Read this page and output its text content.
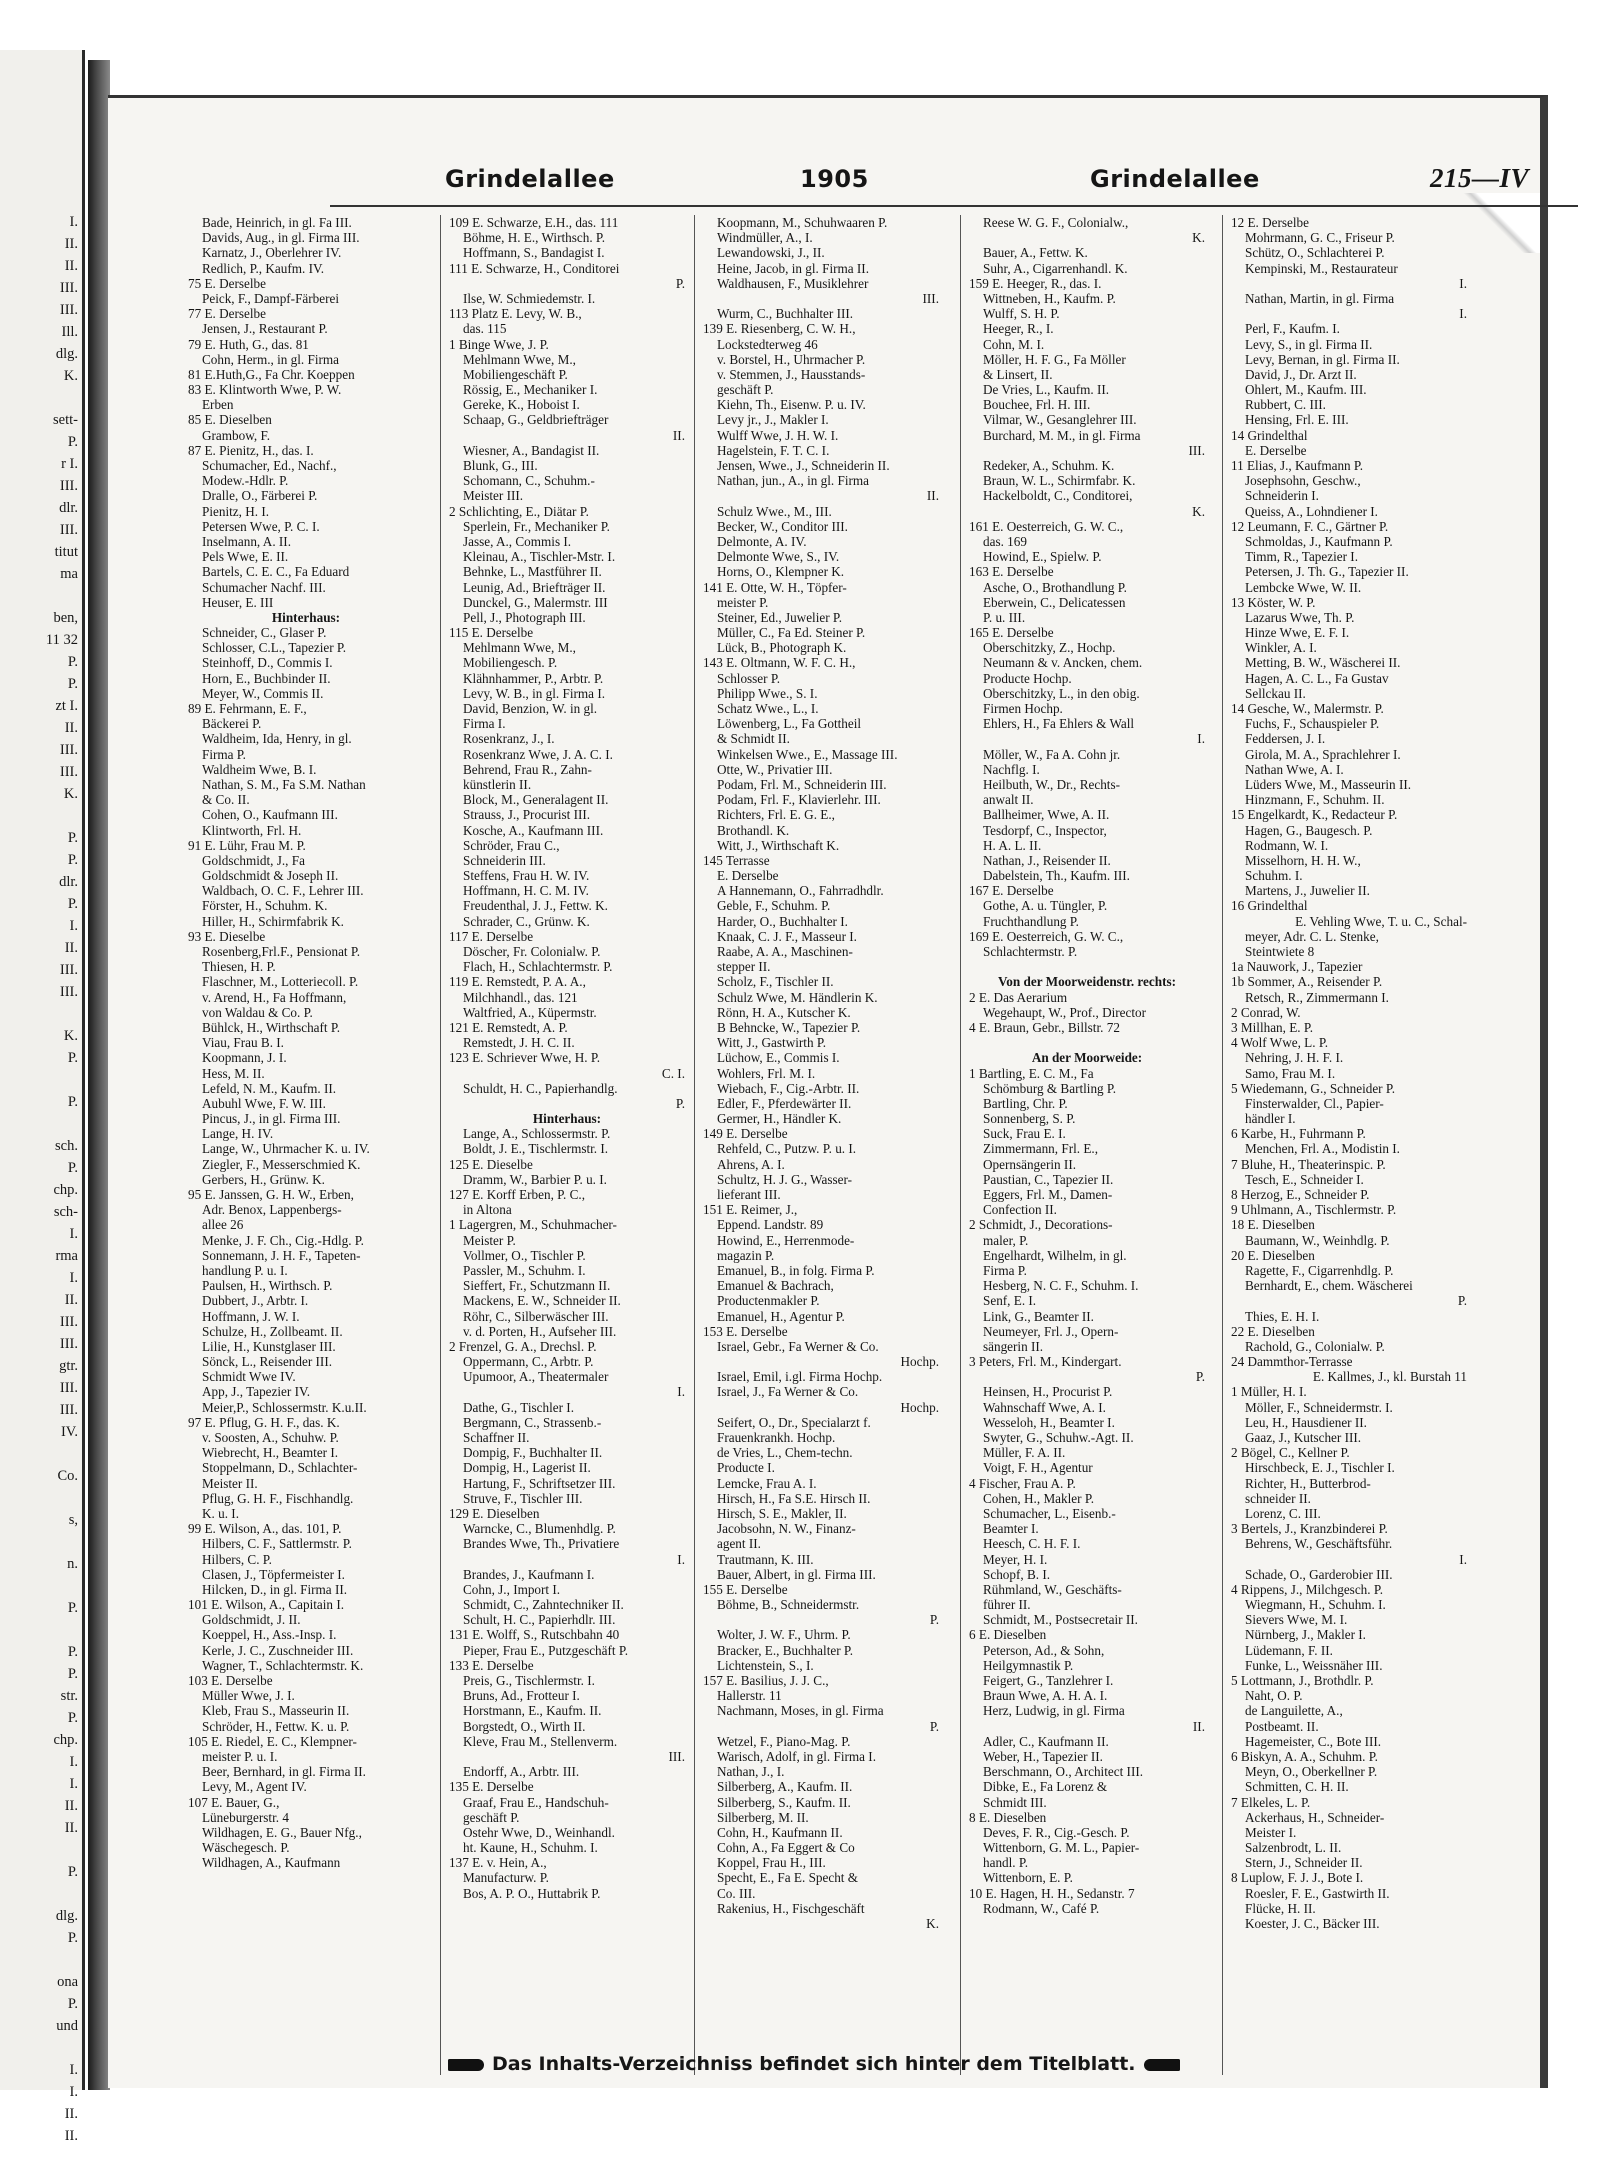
I.
II.
II.
III.
III.
Ill.
dlg.
K.
sett-
P.
r I.
III.
dlr.
III.
titut
ma
ben,
11 32
P.
P.
zt I.
II.
III.
III.
K.
P.
P.
dlr.
P.
I.
II.
III.
III.
K.
P.
P.
sch.
P.
chp.
sch-
I.
rma
I.
II.
III.
III.
gtr.
III.
III.
IV.
Co.
s,
n.
P.
P.
P.
str.
P.
chp.
I.
I.
II.
II.
P.
dlg.
P.
ona
P.
und
I.
I.
II.
II.
Grindelallee	1905	Grindelallee	215—IV
Bade, Heinrich, in gl. Fa III.
Davids, Aug., in gl. Firma III.
Karnatz, J., Oberlehrer IV.
Redlich, P., Kaufm. IV.
75 E. Derselbe
Peick, F., Dampf-Färberei
77 E. Derselbe
Jensen, J., Restaurant P.
79 E. Huth, G., das. 81
Cohn, Herm., in gl. Firma
81 E.Huth,G., Fa Chr. Koeppen
83 E. Klintworth Wwe, P. W.
Erben
85 E. Dieselben
Grambow, F.
87 E. Pienitz, H., das. I.
Schumacher, Ed., Nachf.,
Modew.-Hdlr. P.
Dralle, O., Färberei P.
Pienitz, H. I.
Petersen Wwe, P. C. I.
Inselmann, A. II.
Pels Wwe, E. II.
Bartels, C. E. C., Fa Eduard
Schumacher Nachf. III.
Heuser, E. III
Hinterhaus:
Schneider, C., Glaser P.
Schlosser, C.L., Tapezier P.
Steinhoff, D., Commis I.
Horn, E., Buchbinder II.
Meyer, W., Commis II.
89 E. Fehrmann, E. F.,
Bäckerei P.
Waldheim, Ida, Henry, in gl.
Firma P.
Waldheim Wwe, B. I.
Nathan, S. M., Fa S.M. Nathan
& Co. II.
Cohen, O., Kaufmann III.
Klintworth, Frl. H.
91 E. Lühr, Frau M. P.
Goldschmidt, J., Fa
Goldschmidt & Joseph II.
Waldbach, O. C. F., Lehrer III.
Förster, H., Schuhm. K.
Hiller, H., Schirmfabrik K.
93 E. Dieselbe
Rosenberg,Frl.F., Pensionat P.
Thiesen, H. P.
Flaschner, M., Lotteriecoll. P.
v. Arend, H., Fa Hoffmann,
von Waldau & Co. P.
Bühlck, H., Wirthschaft P.
Viau, Frau B. I.
Koopmann, J. I.
Hess, M. II.
Lefeld, N. M., Kaufm. II.
Aubuhl Wwe, F. W. III.
Pincus, J., in gl. Firma III.
Lange, H. IV.
Lange, W., Uhrmacher K. u. IV.
Ziegler, F., Messerschmied K.
Gerbers, H., Grünw. K.
95 E. Janssen, G. H. W., Erben,
Adr. Benox, Lappenbergs-
allee 26
Menke, J. F. Ch., Cig.-Hdlg. P.
Sonnemann, J. H. F., Tapeten-
handlung P. u. I.
Paulsen, H., Wirthsch. P.
Dubbert, J., Arbtr. I.
Hoffmann, J. W. I.
Schulze, H., Zollbeamt. II.
Lilie, H., Kunstglaser III.
Sönck, L., Reisender III.
Schmidt Wwe IV.
App, J., Tapezier IV.
Meier,P., Schlossermstr. K.u.II.
97 E. Pflug, G. H. F., das. K.
v. Soosten, A., Schuhw. P.
Wiebrecht, H., Beamter I.
Stoppelmann, D., Schlachter-
Meister II.
Pflug, G. H. F., Fischhandlg.
K. u. I.
99 E. Wilson, A., das. 101, P.
Hilbers, C. F., Sattlermstr. P.
Hilbers, C. P.
Clasen, J., Töpfermeister I.
Hilcken, D., in gl. Firma II.
101 E. Wilson, A., Capitain I.
Goldschmidt, J. II.
Koeppel, H., Ass.-Insp. I.
Kerle, J. C., Zuschneider III.
Wagner, T., Schlachtermstr. K.
103 E. Derselbe
Müller Wwe, J. I.
Kleb, Frau S., Masseurin II.
Schröder, H., Fettw. K. u. P.
105 E. Riedel, E. C., Klempner-
meister P. u. I.
Beer, Bernhard, in gl. Firma II.
Levy, M., Agent IV.
107 E. Bauer, G.,
Lüneburgerstr. 4
Wildhagen, E. G., Bauer Nfg.,
Wäschegesch. P.
Wildhagen, A., Kaufmann
109 E. Schwarze, E.H., das. 111
Böhme, H. E., Wirthsch. P.
Hoffmann, S., Bandagist I.
111 E. Schwarze, H., Conditorei
P.
Ilse, W. Schmiedemstr. I.
113 Platz E. Levy, W. B.,
das. 115
1 Binge Wwe, J. P.
Mehlmann Wwe, M.,
Mobiliengeschäft P.
Rössig, E., Mechaniker I.
Gereke, K., Hoboist I.
Schaap, G., Geldbriefträger
II.
Wiesner, A., Bandagist II.
Blunk, G., III.
Schomann, C., Schuhm.-
Meister III.
2 Schlichting, E., Diätar P.
Sperlein, Fr., Mechaniker P.
Jasse, A., Commis I.
Kleinau, A., Tischler-Mstr. I.
Behnke, L., Mastführer II.
Leunig, Ad., Briefträger II.
Dunckel, G., Malermstr. III
Pell, J., Photograph III.
115 E. Derselbe
Mehlmann Wwe, M.,
Mobiliengesch. P.
Klähnhammer, P., Arbtr. P.
Levy, W. B., in gl. Firma I.
David, Benzion, W. in gl.
Firma I.
Rosenkranz, J., I.
Rosenkranz Wwe, J. A. C. I.
Behrend, Frau R., Zahn-
künstlerin II.
Block, M., Generalagent II.
Strauss, J., Procurist III.
Kosche, A., Kaufmann III.
Schröder, Frau C.,
Schneiderin III.
Steffens, Frau H. W. IV.
Hoffmann, H. C. M. IV.
Freudenthal, J. J., Fettw. K.
Schrader, C., Grünw. K.
117 E. Derselbe
Döscher, Fr. Colonialw. P.
Flach, H., Schlachtermstr. P.
119 E. Remstedt, P. A. A.,
Milchhandl., das. 121
Waltfried, A., Küpermstr.
121 E. Remstedt, A. P.
Remstedt, J. H. C. II.
123 E. Schriever Wwe, H. P.
C. I.
Schuldt, H. C., Papierhandlg.
P.
Hinterhaus:
Lange, A., Schlossermstr. P.
Boldt, J. E., Tischlermstr. I.
125 E. Dieselbe
Dramm, W., Barbier P. u. I.
127 E. Korff Erben, P. C.,
in Altona
1 Lagergren, M., Schuhmacher-
Meister P.
Vollmer, O., Tischler P.
Passler, M., Schuhm. I.
Sieffert, Fr., Schutzmann II.
Mackens, E. W., Schneider II.
Röhr, C., Silberwäscher III.
v. d. Porten, H., Aufseher III.
2 Frenzel, G. A., Drechsl. P.
Oppermann, C., Arbtr. P.
Upumoor, A., Theatermaler
I.
Dathe, G., Tischler I.
Bergmann, C., Strassenb.-
Schaffner II.
Dompig, F., Buchhalter II.
Dompig, H., Lagerist II.
Hartung, F., Schriftsetzer III.
Struve, F., Tischler III.
129 E. Dieselben
Warncke, C., Blumenhdlg. P.
Brandes Wwe, Th., Privatiere
I.
Brandes, J., Kaufmann I.
Cohn, J., Import I.
Schmidt, C., Zahntechniker II.
Schult, H. C., Papierhdlr. III.
131 E. Wolff, S., Rutschbahn 40
Pieper, Frau E., Putzgeschäft P.
133 E. Derselbe
Preis, G., Tischlermstr. I.
Bruns, Ad., Frotteur I.
Horstmann, E., Kaufm. II.
Borgstedt, O., Wirth II.
Kleve, Frau M., Stellenverm.
III.
Endorff, A., Arbtr. III.
135 E. Derselbe
Graaf, Frau E., Handschuh-
geschäft P.
Ostehr Wwe, D., Weinhandl.
ht. Kaune, H., Schuhm. I.
137 E. v. Hein, A.,
Manufacturw. P.
Bos, A. P. O., Huttabrik P.
Koopmann, M., Schuhwaaren P.
Windmüller, A., I.
Lewandowski, J., II.
Heine, Jacob, in gl. Firma II.
Waldhausen, F., Musiklehrer
III.
Wurm, C., Buchhalter III.
139 E. Riesenberg, C. W. H.,
Lockstedterweg 46
v. Borstel, H., Uhrmacher P.
v. Stemmen, J., Hausstands-
geschäft P.
Kiehn, Th., Eisenw. P. u. IV.
Levy jr., J., Makler I.
Wulff Wwe, J. H. W. I.
Hagelstein, F. T. C. I.
Jensen, Wwe., J., Schneiderin II.
Nathan, jun., A., in gl. Firma
II.
Schulz Wwe., M., III.
Becker, W., Conditor III.
Delmonte, A. IV.
Delmonte Wwe, S., IV.
Horns, O., Klempner K.
141 E. Otte, W. H., Töpfer-
meister P.
Steiner, Ed., Juwelier P.
Müller, C., Fa Ed. Steiner P.
Lück, B., Photograph K.
143 E. Oltmann, W. F. C. H.,
Schlosser P.
Philipp Wwe., S. I.
Schatz Wwe., L., I.
Löwenberg, L., Fa Gottheil
& Schmidt II.
Winkelsen Wwe., E., Massage III.
Otte, W., Privatier III.
Podam, Frl. M., Schneiderin III.
Podam, Frl. F., Klavierlehr. III.
Richters, Frl. E. G. E.,
Brothandl. K.
Witt, J., Wirthschaft K.
145 Terrasse
E. Derselbe
A Hannemann, O., Fahrradhdlr.
Geble, F., Schuhm. P.
Harder, O., Buchhalter I.
Knaak, C. J. F., Masseur I.
Raabe, A. A., Maschinen-
stepper II.
Scholz, F., Tischler II.
Schulz Wwe, M. Händlerin K.
Rönn, H. A., Kutscher K.
B Behncke, W., Tapezier P.
Witt, J., Gastwirth P.
Lüchow, E., Commis I.
Wohlers, Frl. M. I.
Wiebach, F., Cig.-Arbtr. II.
Edler, F., Pferdewärter II.
Germer, H., Händler K.
149 E. Derselbe
Rehfeld, C., Putzw. P. u. I.
Ahrens, A. I.
Schultz, H. J. G., Wasser-
lieferant III.
151 E. Reimer, J.,
Eppend. Landstr. 89
Howind, E., Herrenmode-
magazin P.
Emanuel, B., in folg. Firma P.
Emanuel & Bachrach,
Productenmakler P.
Emanuel, H., Agentur P.
153 E. Derselbe
Israel, Gebr., Fa Werner & Co.
Hochp.
Israel, Emil, i.gl. Firma Hochp.
Israel, J., Fa Werner & Co.
Hochp.
Seifert, O., Dr., Specialarzt f.
Frauenkrankh. Hochp.
de Vries, L., Chem-techn.
Producte I.
Lemcke, Frau A. I.
Hirsch, H., Fa S.E. Hirsch II.
Hirsch, S. E., Makler, II.
Jacobsohn, N. W., Finanz-
agent II.
Trautmann, K. III.
Bauer, Albert, in gl. Firma III.
155 E. Derselbe
Böhme, B., Schneidermstr.
P.
Wolter, J. W. F., Uhrm. P.
Bracker, E., Buchhalter P.
Lichtenstein, S., I.
157 E. Basilius, J. J. C.,
Hallerstr. 11
Nachmann, Moses, in gl. Firma
P.
Wetzel, F., Piano-Mag. P.
Warisch, Adolf, in gl. Firma I.
Nathan, J., I.
Silberberg, A., Kaufm. II.
Silberberg, S., Kaufm. II.
Silberberg, M. II.
Cohn, H., Kaufmann II.
Cohn, A., Fa Eggert & Co
Koppel, Frau H., III.
Specht, E., Fa E. Specht &
Co. III.
Rakenius, H., Fischgeschäft
K.
Reese W. G. F., Colonialw.,
K.
Bauer, A., Fettw. K.
Suhr, A., Cigarrenhandl. K.
159 E. Heeger, R., das. I.
Wittneben, H., Kaufm. P.
Wulff, S. H. P.
Heeger, R., I.
Cohn, M. I.
Möller, H. F. G., Fa Möller
& Linsert, II.
De Vries, L., Kaufm. II.
Bouchee, Frl. H. III.
Vilmar, W., Gesanglehrer III.
Burchard, M. M., in gl. Firma
III.
Redeker, A., Schuhm. K.
Braun, W. L., Schirmfabr. K.
Hackelboldt, C., Conditorei,
K.
161 E. Oesterreich, G. W. C.,
das. 169
Howind, E., Spielw. P.
163 E. Derselbe
Asche, O., Brothandlung P.
Eberwein, C., Delicatessen
P. u. III.
165 E. Derselbe
Oberschitzky, Z., Hochp.
Neumann & v. Ancken, chem.
Producte Hochp.
Oberschitzky, L., in den obig.
Firmen Hochp.
Ehlers, H., Fa Ehlers & Wall
I.
Möller, W., Fa A. Cohn jr.
Nachflg. I.
Heilbuth, W., Dr., Rechts-
anwalt II.
Ballheimer, Wwe, A. II.
Tesdorpf, C., Inspector,
H. A. L. II.
Nathan, J., Reisender II.
Dabelstein, Th., Kaufm. III.
167 E. Derselbe
Gothe, A. u. Tüngler, P.
Fruchthandlung P.
169 E. Oesterreich, G. W. C.,
Schlachtermstr. P.
Von der Moorweidenstr. rechts:
2 E. Das Aerarium
Wegehaupt, W., Prof., Director
4 E. Braun, Gebr., Billstr. 72
An der Moorweide:
1 Bartling, E. C. M., Fa
Schömburg & Bartling P.
Bartling, Chr. P.
Sonnenberg, S. P.
Suck, Frau E. I.
Zimmermann, Frl. E.,
Opernsängerin II.
Paustian, C., Tapezier II.
Eggers, Frl. M., Damen-
Confection II.
2 Schmidt, J., Decorations-
maler, P.
Engelhardt, Wilhelm, in gl.
Firma P.
Hesberg, N. C. F., Schuhm. I.
Senf, E. I.
Link, G., Beamter II.
Neumeyer, Frl. J., Opern-
sängerin II.
3 Peters, Frl. M., Kindergart.
P.
Heinsen, H., Procurist P.
Wahnschaff Wwe, A. I.
Wesseloh, H., Beamter I.
Swyter, G., Schuhw.-Agt. II.
Müller, F. A. II.
Voigt, F. H., Agentur
4 Fischer, Frau A. P.
Cohen, H., Makler P.
Schumacher, L., Eisenb.-
Beamter I.
Heesch, C. H. F. I.
Meyer, H. I.
Schopf, B. I.
Rühmland, W., Geschäfts-
führer II.
Schmidt, M., Postsecretair II.
6 E. Dieselben
Peterson, Ad., & Sohn,
Heilgymnastik P.
Feigert, G., Tanzlehrer I.
Braun Wwe, A. H. A. I.
Herz, Ludwig, in gl. Firma
II.
Adler, C., Kaufmann II.
Weber, H., Tapezier II.
Berschmann, O., Architect III.
Dibke, E., Fa Lorenz &
Schmidt III.
8 E. Dieselben
Deves, F. R., Cig.-Gesch. P.
Wittenborn, G. M. L., Papier-
handl. P.
Wittenborn, E. P.
10 E. Hagen, H. H., Sedanstr. 7
Rodmann, W., Café P.
12 E. Derselbe
Mohrmann, G. C., Friseur P.
Schütz, O., Schlachterei P.
Kempinski, M., Restaurateur
I.
Nathan, Martin, in gl. Firma
I.
Perl, F., Kaufm. I.
Levy, S., in gl. Firma II.
Levy, Bernan, in gl. Firma II.
David, J., Dr. Arzt II.
Ohlert, M., Kaufm. III.
Rubbert, C. III.
Hensing, Frl. E. III.
14 Grindelthal
E. Derselbe
11 Elias, J., Kaufmann P.
Josephsohn, Geschw.,
Schneiderin I.
Queiss, A., Lohndiener I.
12 Leumann, F. C., Gärtner P.
Schmoldas, J., Kaufmann P.
Timm, R., Tapezier I.
Petersen, J. Th. G., Tapezier II.
Lembcke Wwe, W. II.
13 Köster, W. P.
Lazarus Wwe, Th. P.
Hinze Wwe, E. F. I.
Winkler, A. I.
Metting, B. W., Wäscherei II.
Hagen, A. C. L., Fa Gustav
Sellckau II.
14 Gesche, W., Malermstr. P.
Fuchs, F., Schauspieler P.
Feddersen, J. I.
Girola, M. A., Sprachlehrer I.
Nathan Wwe, A. I.
Lüders Wwe, M., Masseurin II.
Hinzmann, F., Schuhm. II.
15 Engelkardt, K., Redacteur P.
Hagen, G., Baugesch. P.
Rodmann, W. I.
Misselhorn, H. H. W.,
Schuhm. I.
Martens, J., Juwelier II.
16 Grindelthal
E. Vehling Wwe, T. u. C., Schal-
meyer, Adr. C. L. Stenke,
Steintwiete 8
1a Nauwork, J., Tapezier
1b Sommer, A., Reisender P.
Retsch, R., Zimmermann I.
2 Conrad, W.
3 Millhan, E. P.
4 Wolf Wwe, L. P.
Nehring, J. H. F. I.
Samo, Frau M. I.
5 Wiedemann, G., Schneider P.
Finsterwalder, Cl., Papier-
händler I.
6 Karbe, H., Fuhrmann P.
Menchen, Frl. A., Modistin I.
7 Bluhe, H., Theaterinspic. P.
Tesch, E., Schneider I.
8 Herzog, E., Schneider P.
9 Uhlmann, A., Tischlermstr. P.
18 E. Dieselben
Baumann, W., Weinhdlg. P.
20 E. Dieselben
Ragette, F., Cigarrenhdlg. P.
Bernhardt, E., chem. Wäscherei
P.
Thies, E. H. I.
22 E. Dieselben
Rachold, G., Colonialw. P.
24 Dammthor-Terrasse
E. Kallmes, J., kl. Burstah 11
1 Müller, H. I.
Möller, F., Schneidermstr. I.
Leu, H., Hausdiener II.
Gaaz, J., Kutscher III.
2 Bögel, C., Kellner P.
Hirschbeck, E. J., Tischler I.
Richter, H., Butterbrod-
schneider II.
Lorenz, C. III.
3 Bertels, J., Kranzbinderei P.
Behrens, W., Geschäftsführ.
I.
Schade, O., Garderobier III.
4 Rippens, J., Milchgesch. P.
Wiegmann, H., Schuhm. I.
Sievers Wwe, M. I.
Nürnberg, J., Makler I.
Lüdemann, F. II.
Funke, L., Weissnäher III.
5 Lottmann, J., Brothdlr. P.
Naht, O. P.
de Languilette, A.,
Postbeamt. II.
Hagemeister, C., Bote III.
6 Biskyn, A. A., Schuhm. P.
Meyn, O., Oberkellner P.
Schmitten, C. H. II.
7 Elkeles, L. P.
Ackerhaus, H., Schneider-
Meister I.
Salzenbrodt, L. II.
Stern, J., Schneider II.
8 Luplow, F. J. J., Bote I.
Roesler, F. E., Gastwirth II.
Flücke, H. II.
Koester, J. C., Bäcker III.
Das Inhalts-Verzeichniss befindet sich hinter dem Titelblatt.
